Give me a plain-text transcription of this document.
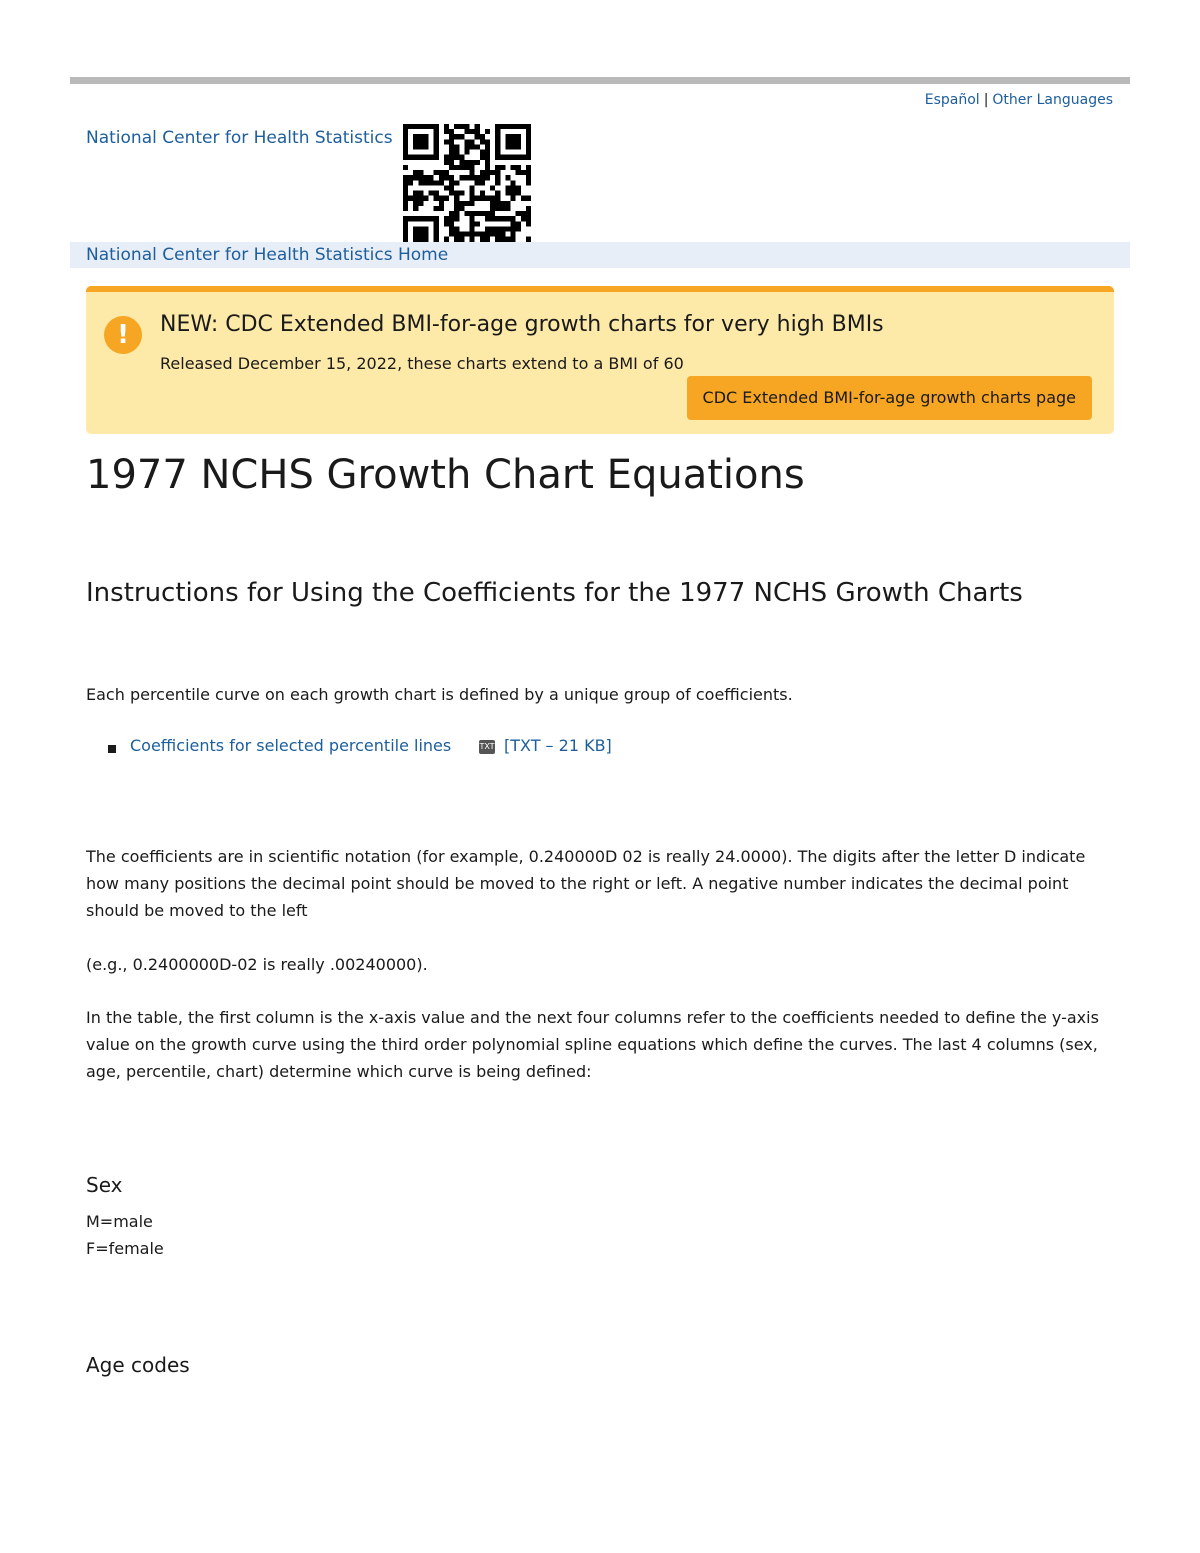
Español | Other Languages
National Center for Health Statistics
National Center for Health Statistics Home
!	NEW: CDC Extended BMI-for-age growth charts for very high BMIs
Released December 15, 2022, these charts extend to a BMI of 60
CDC Extended BMI-for-age growth charts page
1977 NCHS Growth Chart Equations
Instructions for Using the Coefficients for the 1977 NCHS Growth Charts
Each percentile curve on each growth chart is defined by a unique group of coefficients.
Coefficients for selected percentile lines	TXT [TXT – 21 KB]
The coefficients are in scientific notation (for example, 0.240000D 02 is really 24.0000). The digits after the letter D indicate how many positions the decimal point should be moved to the right or left. A negative number indicates the decimal point should be moved to the left
(e.g., 0.2400000D-02 is really .00240000).
In the table, the first column is the x-axis value and the next four columns refer to the coefficients needed to define the y-axis value on the growth curve using the third order polynomial spline equations which define the curves. The last 4 columns (sex, age, percentile, chart) determine which curve is being defined:
Sex
M=male
F=female
Age codes
